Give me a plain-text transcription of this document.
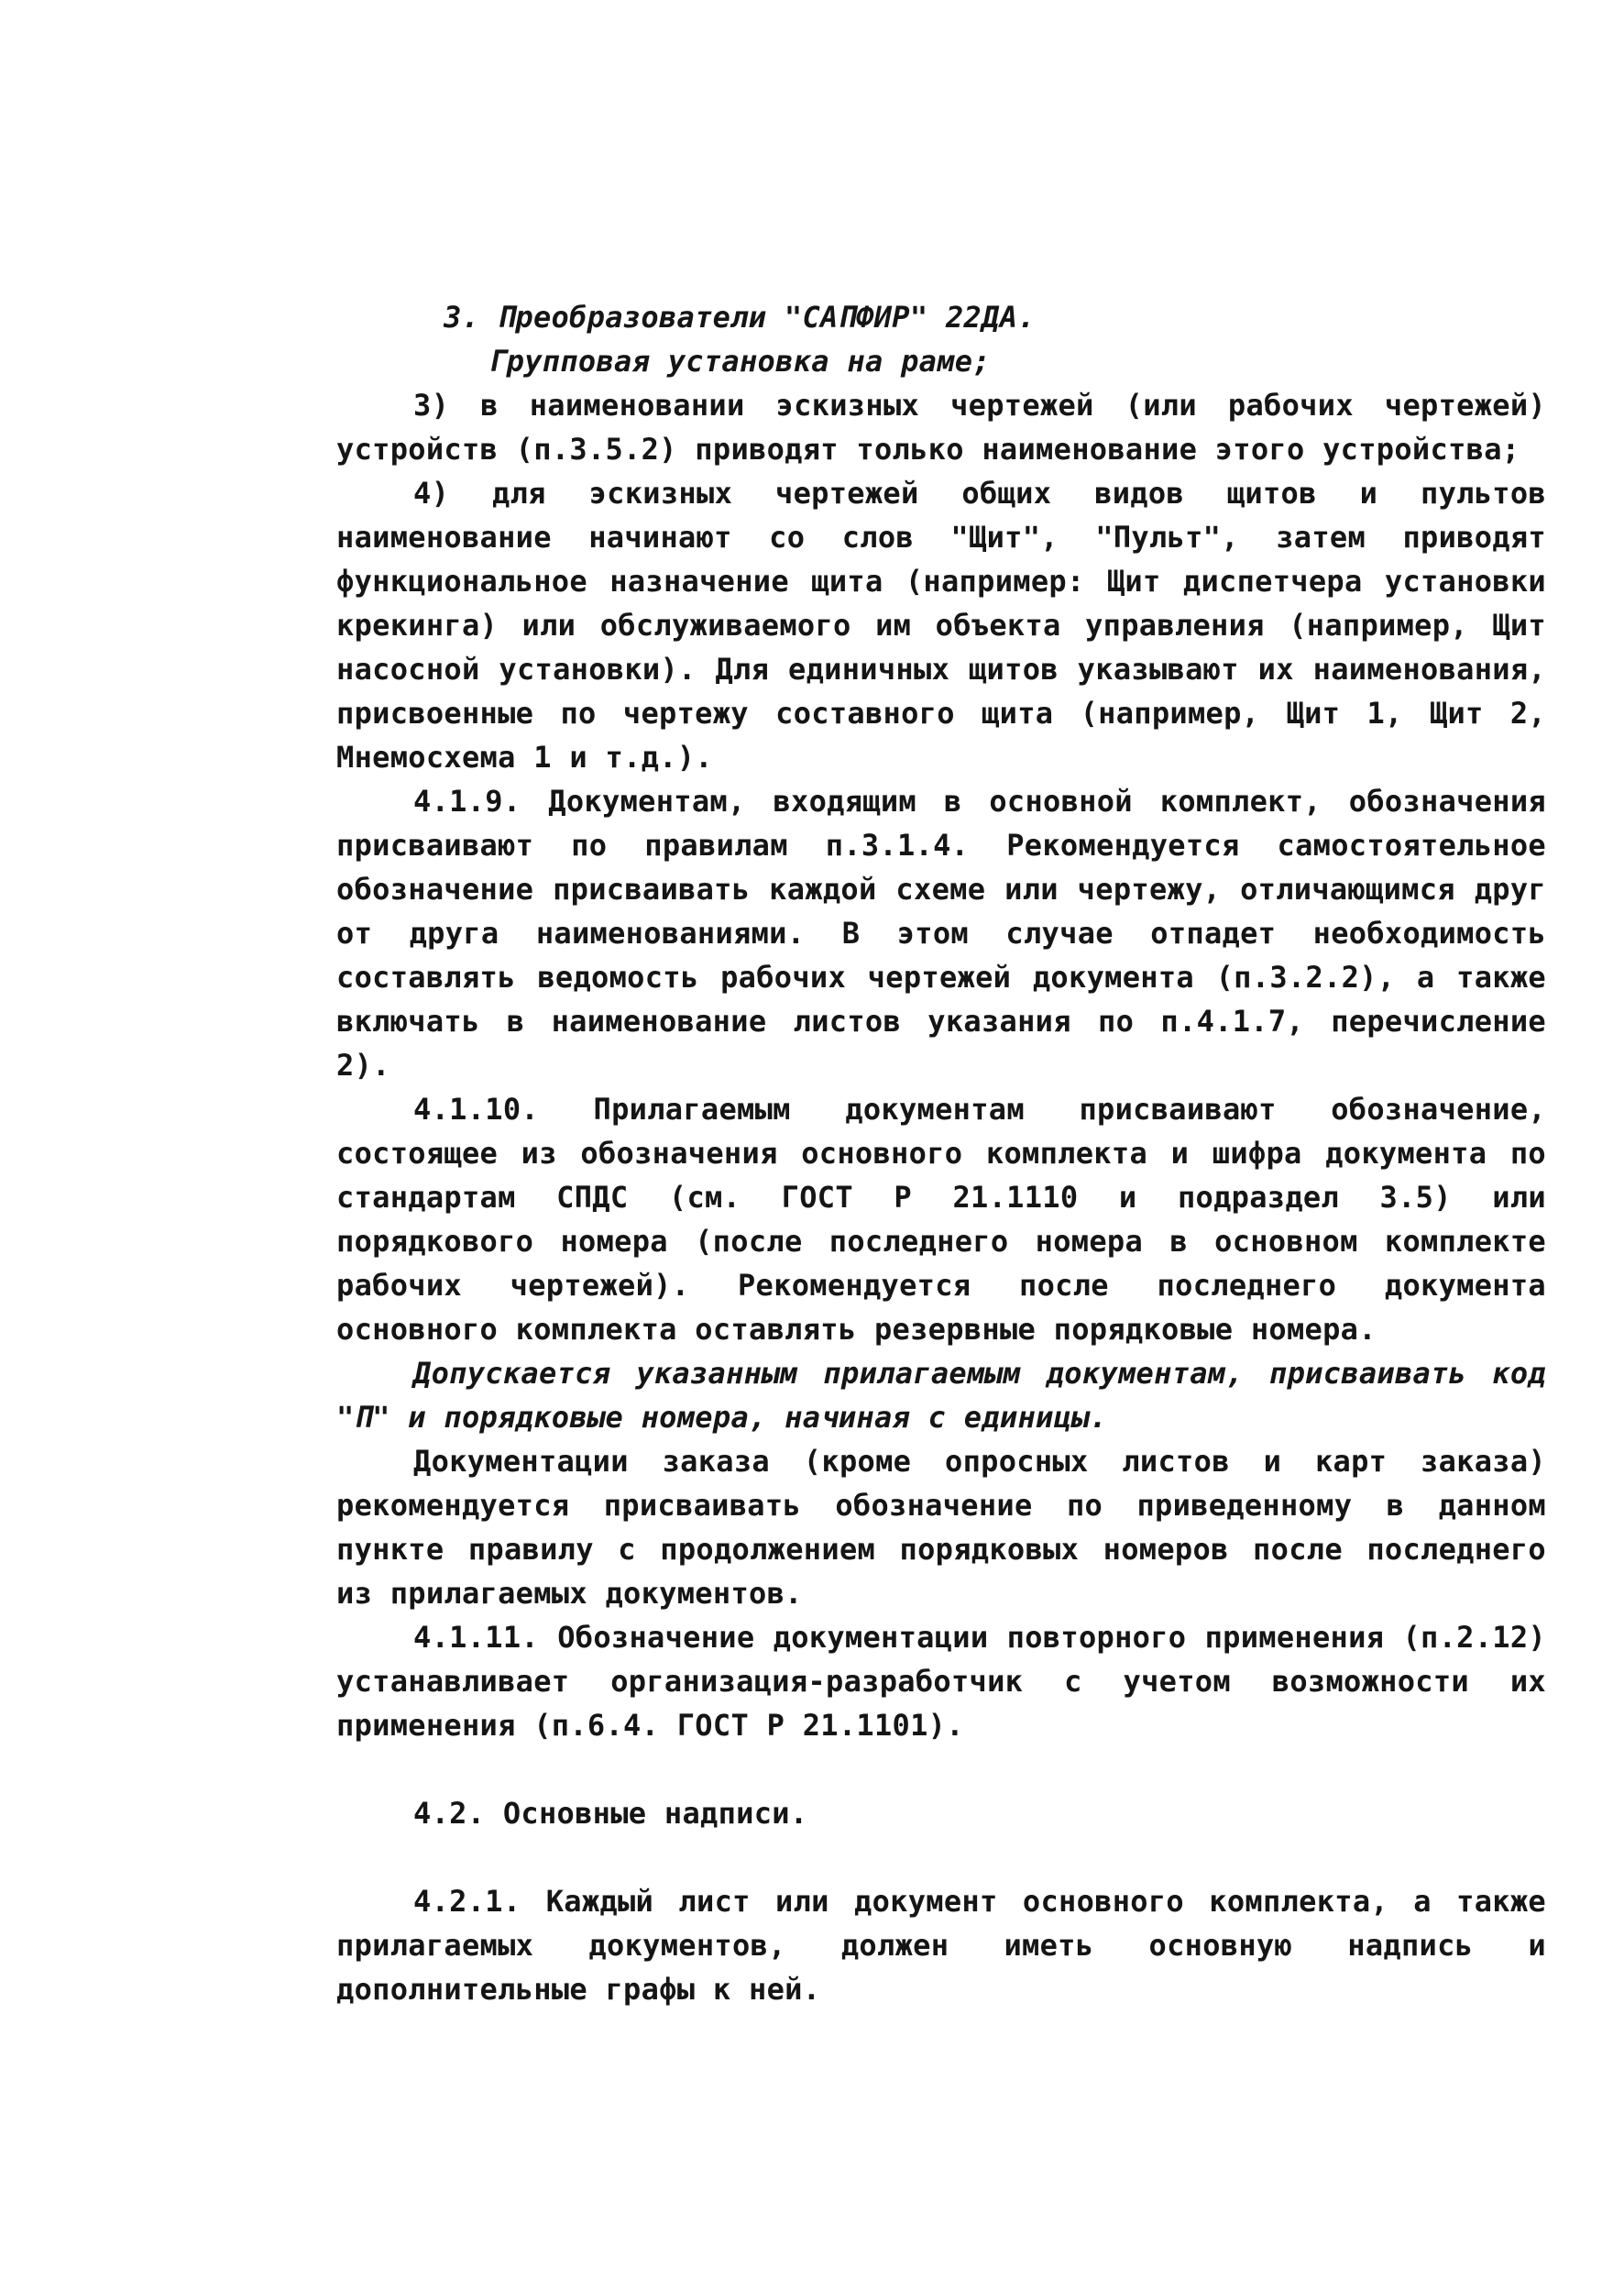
3. Преобразователи "САПФИР" 22ДА.

Групповая установка на раме;

3) в наименовании эскизных чертежей (или рабочих чертежей) устройств (п.3.5.2) приводят только наименование этого устройства;

4) для эскизных чертежей общих видов щитов и пультов наименование начинают со слов "Щит", "Пульт", затем приводят функциональное назначение щита (например: Щит диспетчера установки крекинга) или обслуживаемого им объекта управления (например, Щит насосной установки). Для единичных щитов указывают их наименования, присвоенные по чертежу составного щита (например, Щит 1, Щит 2, Мнемосхема 1 и т.д.).

4.1.9. Документам, входящим в основной комплект, обозначения присваивают по правилам п.3.1.4. Рекомендуется самостоятельное обозначение присваивать каждой схеме или чертежу, отличающимся друг от друга наименованиями. В этом случае отпадет необходимость составлять ведомость рабочих чертежей документа (п.3.2.2), а также включать в наименование листов указания по п.4.1.7, перечисление 2).

4.1.10. Прилагаемым документам присваивают обозначение, состоящее из обозначения основного комплекта и шифра документа по стандартам СПДС (см. ГОСТ Р 21.1110 и подраздел 3.5) или порядкового номера (после последнего номера в основном комплекте рабочих чертежей). Рекомендуется после последнего документа основного комплекта оставлять резервные порядковые номера.

Допускается указанным прилагаемым документам, присваивать код "П" и порядковые номера, начиная с единицы.

Документации заказа (кроме опросных листов и карт заказа) рекомендуется присваивать обозначение по приведенному в данном пункте правилу с продолжением порядковых номеров после последнего из прилагаемых документов.

4.1.11. Обозначение документации повторного применения (п.2.12) устанавливает организация-разработчик с учетом возможности их применения (п.6.4. ГОСТ Р 21.1101).

4.2. Основные надписи.

4.2.1. Каждый лист или документ основного комплекта, а также прилагаемых документов, должен иметь основную надпись и дополнительные графы к ней.
